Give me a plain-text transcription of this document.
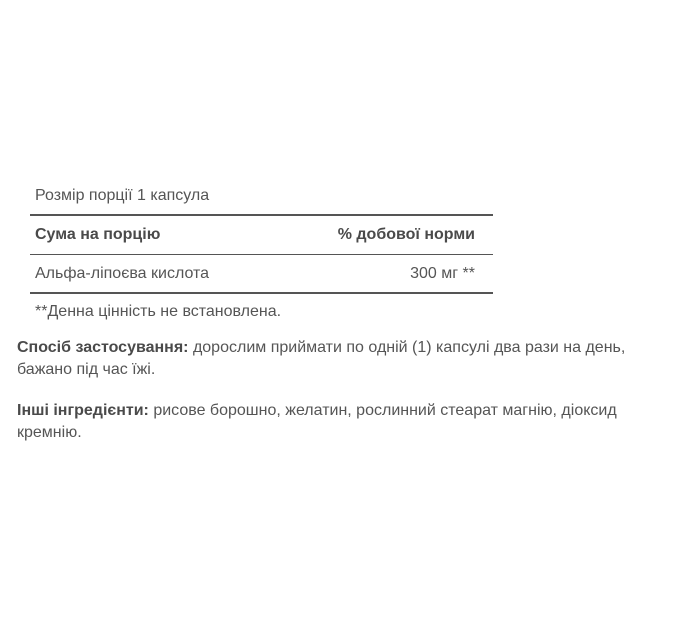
Розмір порції 1 капсула
Сума на порцію	% добової норми
Альфа-ліпоєва кислота	300 мг **
**Денна цінність не встановлена.

Спосіб застосування: дорослим приймати по одній (1) капсулі два рази на день, бажано під час їжі.

Інші інгредієнти: рисове борошно, желатин, рослинний стеарат магнію, діоксид кремнію.
